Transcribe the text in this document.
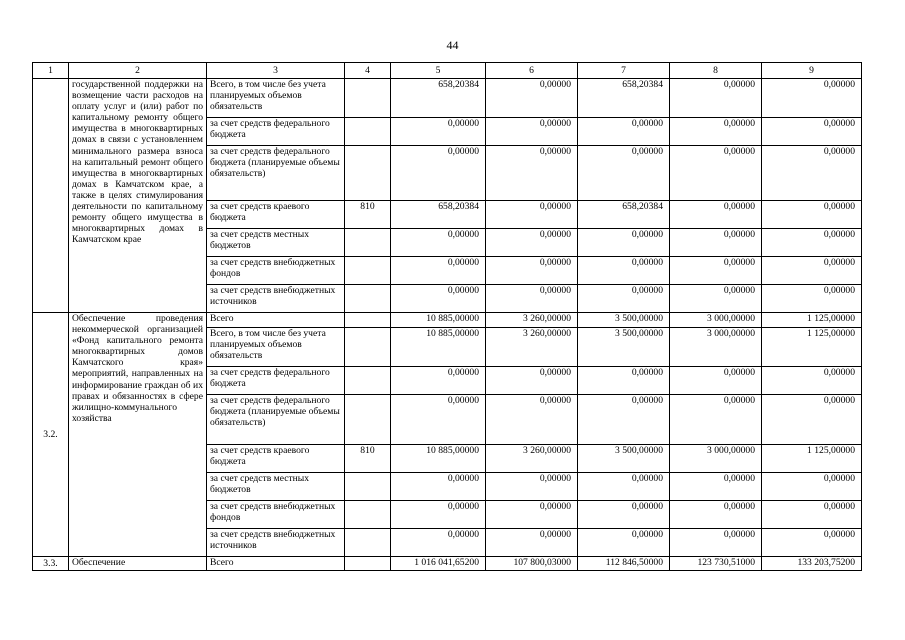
44
1	2	3	4	5	6	7	8	9
	государственной поддержки на возмещение части расходов на оплату услуг и (или) работ по капитальному ремонту общего имущества в многоквартирных домах в связи с установленнем минимального размера взноса на капитальный ремонт общего имущества в многоквартирных домах в Камчатском крае, а также в целях стимулирования деятельности по капитальному ремонту общего имущества в многоквартирных домах в Камчатском крае	Всего, в том числе без учета планируемых объемов обязательств		658,20384	0,00000	658,20384	0,00000	0,00000
		за счет средств федерального бюджета		0,00000	0,00000	0,00000	0,00000	0,00000
		за счет средств федерального бюджета (планируемые объемы обязательств)		0,00000	0,00000	0,00000	0,00000	0,00000
		за счет средств краевого бюджета	810	658,20384	0,00000	658,20384	0,00000	0,00000
		за счет средств местных бюджетов		0,00000	0,00000	0,00000	0,00000	0,00000
		за счет средств внебюджетных фондов		0,00000	0,00000	0,00000	0,00000	0,00000
		за счет средств внебюджетных источников		0,00000	0,00000	0,00000	0,00000	0,00000
3.2.	Обеспечение проведения некоммерческой организацией «Фонд капитального ремонта многоквартирных домов Камчатского края» мероприятий, направленных на информирование граждан об их правах и обязанностях в сфере жилищно-коммунального хозяйства	Всего		10 885,00000	3 260,00000	3 500,00000	3 000,00000	1 125,00000
		Всего, в том числе без учета планируемых объемов обязательств		10 885,00000	3 260,00000	3 500,00000	3 000,00000	1 125,00000
		за счет средств федерального бюджета		0,00000	0,00000	0,00000	0,00000	0,00000
		за счет средств федерального бюджета (планируемые объемы обязательств)		0,00000	0,00000	0,00000	0,00000	0,00000
		за счет средств краевого бюджета	810	10 885,00000	3 260,00000	3 500,00000	3 000,00000	1 125,00000
		за счет средств местных бюджетов		0,00000	0,00000	0,00000	0,00000	0,00000
		за счет средств внебюджетных фондов		0,00000	0,00000	0,00000	0,00000	0,00000
		за счет средств внебюджетных источников		0,00000	0,00000	0,00000	0,00000	0,00000
3.3.	Обеспечение	Всего		1 016 041,65200	107 800,03000	112 846,50000	123 730,51000	133 203,75200
